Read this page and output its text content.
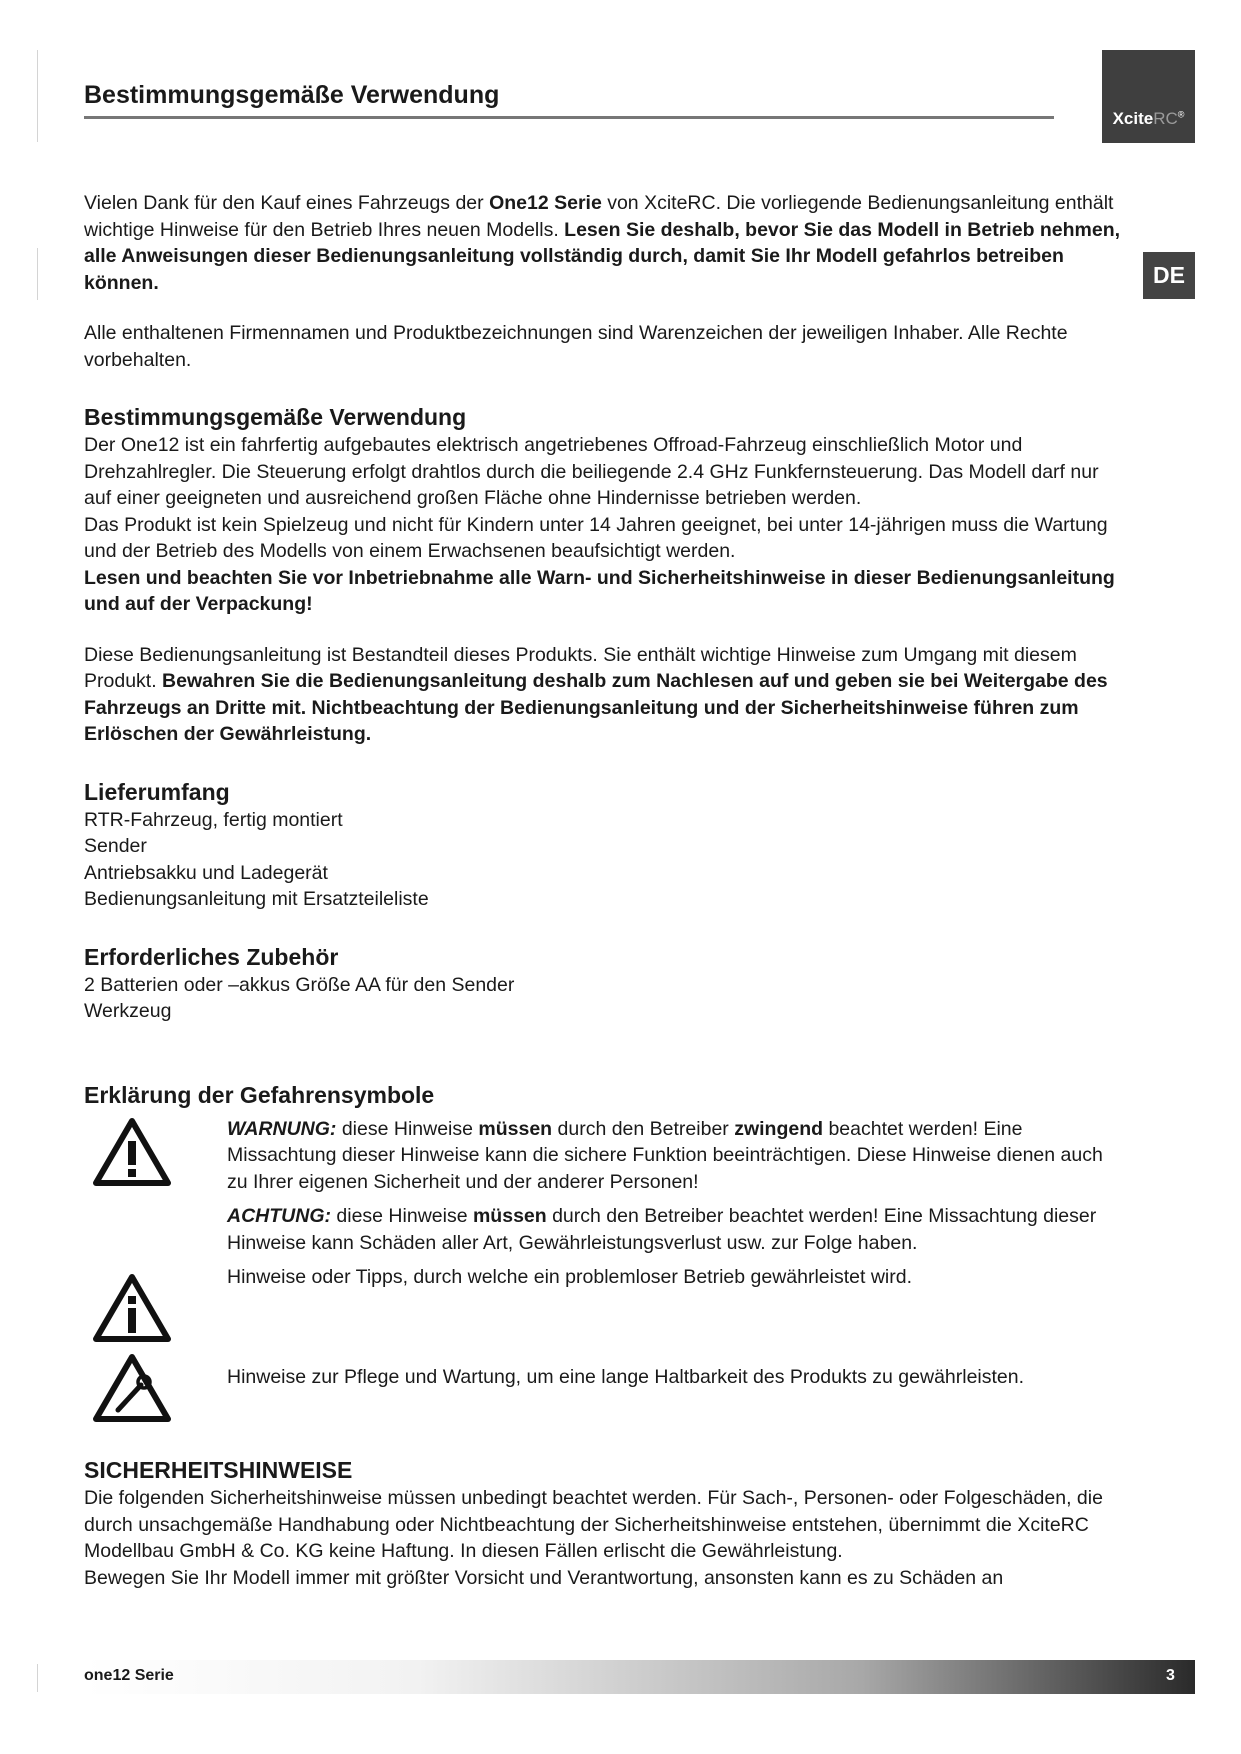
Bestimmungsgemäße Verwendung
XciteRC®
DE

Vielen Dank für den Kauf eines Fahrzeugs der One12 Serie von XciteRC. Die vorliegende Bedienungsanleitung enthält wichtige Hinweise für den Betrieb Ihres neuen Modells. Lesen Sie deshalb, bevor Sie das Modell in Betrieb nehmen, alle Anweisungen dieser Bedienungsanleitung vollständig durch, damit Sie Ihr Modell gefahrlos betreiben können.

Alle enthaltenen Firmennamen und Produktbezeichnungen sind Warenzeichen der jeweiligen Inhaber. Alle Rechte vorbehalten.

Bestimmungsgemäße Verwendung

Der One12 ist ein fahrfertig aufgebautes elektrisch angetriebenes Offroad-Fahrzeug einschließlich Motor und Drehzahlregler. Die Steuerung erfolgt drahtlos durch die beiliegende 2.4 GHz Funkfernsteuerung. Das Modell darf nur auf einer geeigneten und ausreichend großen Fläche ohne Hindernisse betrieben werden.

Das Produkt ist kein Spielzeug und nicht für Kindern unter 14 Jahren geeignet, bei unter 14-jährigen muss die Wartung und der Betrieb des Modells von einem Erwachsenen beaufsichtigt werden.

Lesen und beachten Sie vor Inbetriebnahme alle Warn- und Sicherheitshinweise in dieser Bedienungsanleitung und auf der Verpackung!

Diese Bedienungsanleitung ist Bestandteil dieses Produkts. Sie enthält wichtige Hinweise zum Umgang mit diesem Produkt. Bewahren Sie die Bedienungsanleitung deshalb zum Nachlesen auf und geben sie bei Weitergabe des Fahrzeugs an Dritte mit. Nichtbeachtung der Bedienungsanleitung und der Sicherheitshinweise führen zum Erlöschen der Gewährleistung.

Lieferumfang

RTR-Fahrzeug, fertig montiert

Sender

Antriebsakku und Ladegerät

Bedienungsanleitung mit Ersatzteileliste

Erforderliches Zubehör

2 Batterien oder –akkus Größe AA für den Sender

Werkzeug

Erklärung der Gefahrensymbole

WARNUNG: diese Hinweise müssen durch den Betreiber zwingend beachtet werden! Eine Missachtung dieser Hinweise kann die sichere Funktion beeinträchtigen. Diese Hinweise dienen auch zu Ihrer eigenen Sicherheit und der anderer Personen!

ACHTUNG: diese Hinweise müssen durch den Betreiber beachtet werden! Eine Missachtung dieser Hinweise kann Schäden aller Art, Gewährleistungsverlust usw. zur Folge haben.

Hinweise oder Tipps, durch welche ein problemloser Betrieb gewährleistet wird.

Hinweise zur Pflege und Wartung, um eine lange Haltbarkeit des Produkts zu gewährleisten.

SICHERHEITSHINWEISE

Die folgenden Sicherheitshinweise müssen unbedingt beachtet werden. Für Sach-, Personen- oder Folgeschäden, die durch unsachgemäße Handhabung oder Nichtbeachtung der Sicherheitshinweise entstehen, übernimmt die XciteRC Modellbau GmbH & Co. KG keine Haftung. In diesen Fällen erlischt die Gewährleistung.

Bewegen Sie Ihr Modell immer mit größter Vorsicht und Verantwortung, ansonsten kann es zu Schäden an

one12 Serie	3
